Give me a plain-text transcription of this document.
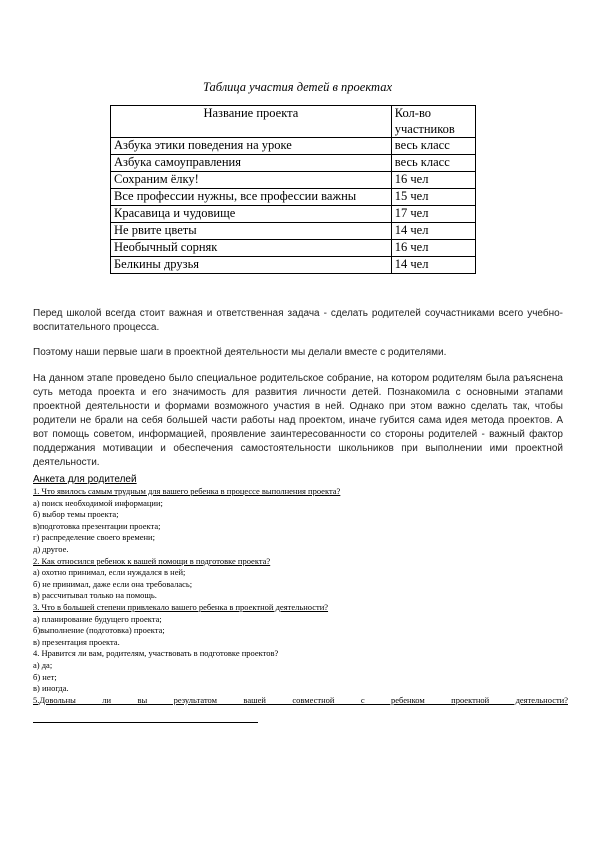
Таблица участия детей в проектах
Название проекта	Кол-во участников
Азбука этики поведения на уроке	весь класс
Азбука самоуправления	весь класс
Сохраним ёлку!	16 чел
Все профессии нужны, все профессии важны	15 чел
Красавица и чудовище	17 чел
Не рвите цветы	14 чел
Необычный сорняк	16 чел
Белкины друзья	14 чел
Перед школой всегда стоит важная и ответственная задача - сделать родителей соучастниками всего учебно-воспитательного процесса.
Поэтому наши первые шаги в проектной деятельности мы делали вместе с родителями.
На данном этапе проведено было специальное родительское собрание, на котором родителям была раъяснена суть метода проекта и его значимость для развития личности детей. Познакомила с основными этапами проектной деятельности и формами возможного участия в ней. Однако при этом важно сделать так, чтобы родители не брали на себя большей части работы над проектом, иначе губится сама идея метода проектов. А вот помощь советом, информацией, проявление заинтересованности со стороны родителей - важный фактор поддержания мотивации и обеспечения самостоятельности школьников при выполнении ими проектной деятельности.
Анкета для родителей
1. Что явилось самым трудным для вашего ребенка в процессе выполнения проекта?
а) поиск необходимой информации;
б) выбор темы проекта;
в)подготовка презентации проекта;
г) распределение своего времени;
д) другое.
2. Как относился ребенок к вашей помощи в подготовке проекта?
а) охотно принимал, если нуждался в ней;
б) не принимал, даже если она требовалась;
в) рассчитывал только на помощь.
3. Что в большей степени привлекало вашего ребенка в проектной деятельности?
а) планирование будущего проекта;
б)выполнение (подготовка) проекта;
в) презентация проекта.
4. Нравится ли вам, родителям, участвовать в подготовке проектов?
а) да;
б) нет;
в) иногда.
5.Довольны ли вы результатом вашей совместной с ребенком проектной деятельности?
